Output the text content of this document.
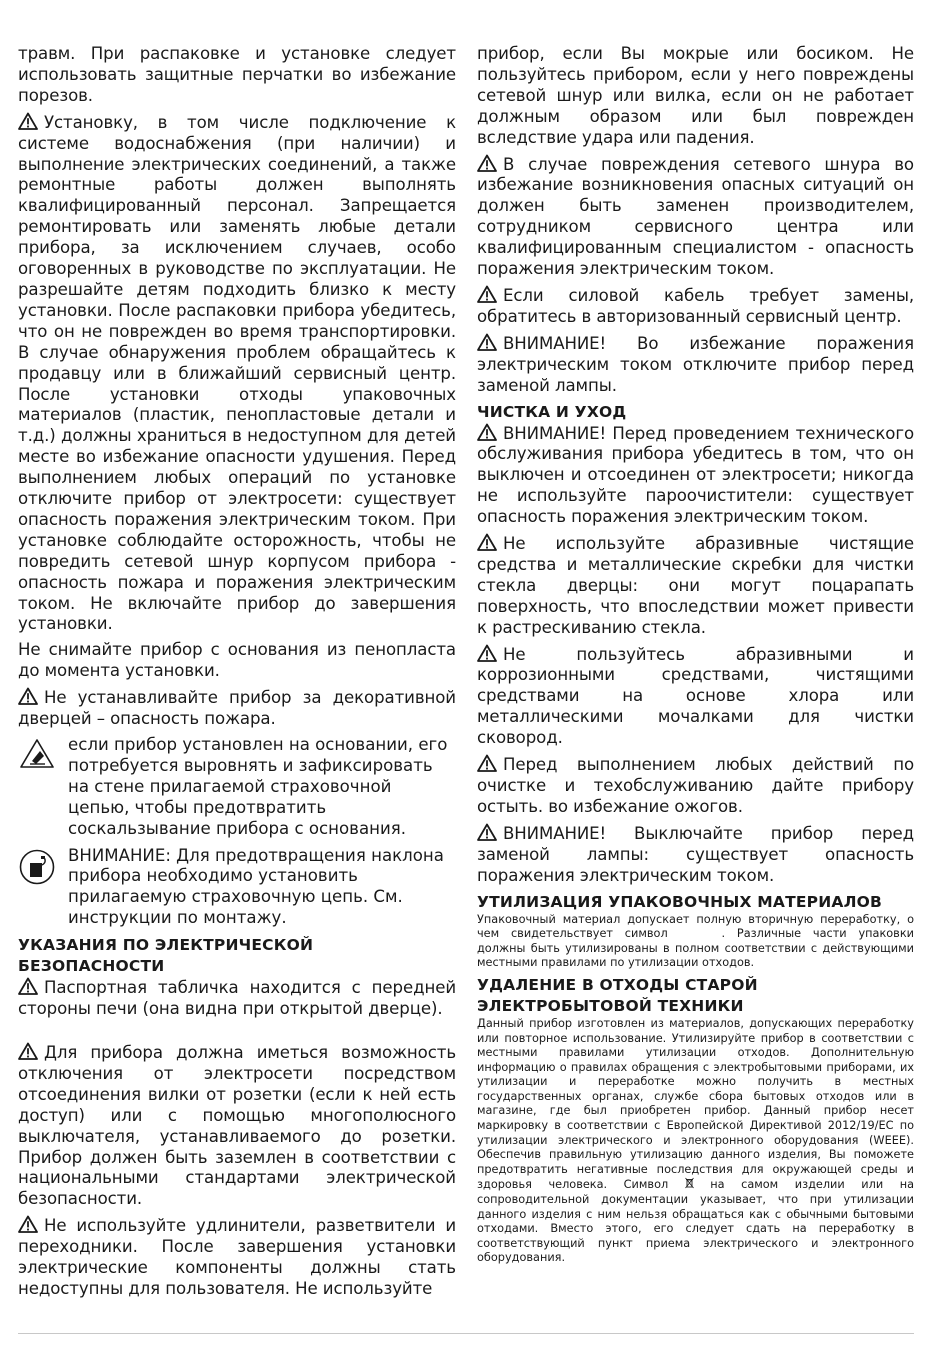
травм. При распаковке и установке следует использовать защитные перчатки во избежание порезов.

Установку, в том числе подключение к системе водоснабжения (при наличии) и выполнение электрических соединений, а также ремонтные работы должен выполнять квалифицированный персонал. Запрещается ремонтировать или заменять любые детали прибора, за исключением случаев, особо оговоренных в руководстве по эксплуатации. Не разрешайте детям подходить близко к месту установки. После распаковки прибора убедитесь, что он не поврежден во время транспортировки. В случае обнаружения проблем обращайтесь к продавцу или в ближайший сервисный центр. После установки отходы упаковочных материалов (пластик, пенопластовые детали и т.д.) должны храниться в недоступном для детей месте во избежание опасности удушения. Перед выполнением любых операций по установке отключите прибор от электросети: существует опасность поражения электрическим током. При установке соблюдайте осторожность, чтобы не повредить сетевой шнур корпусом прибора - опасность пожара и поражения электрическим током. Не включайте прибор до завершения установки.

Не снимайте прибор с основания из пенопласта до момента установки.

Не устанавливайте прибор за декоративной дверцей – опасность пожара.

если прибор установлен на основании, его потребуется выровнять и зафиксировать на стене прилагаемой страховочной цепью, чтобы предотвратить соскальзывание прибора с основания.
ВНИМАНИЕ: Для предотвращения наклона прибора необходимо установить прилагаемую страховочную цепь. См. инструкции по монтажу.
УКАЗАНИЯ ПО ЭЛЕКТРИЧЕСКОЙ БЕЗОПАСНОСТИ

Паспортная табличка находится с передней стороны печи (она видна при открытой дверце).

Для прибора должна иметься возможность отключения от электросети посредством отсоединения вилки от розетки (если к ней есть доступ) или с помощью многополюсного выключателя, устанавливаемого до розетки. Прибор должен быть заземлен в соответствии с национальными стандартами электрической безопасности.

Не используйте удлинители, разветвители и переходники. После завершения установки электрические компоненты должны стать недоступны для пользователя. Не используйте

прибор, если Вы мокрые или босиком. Не пользуйтесь прибором, если у него повреждены сетевой шнур или вилка, если он не работает должным образом или был поврежден вследствие удара или падения.

В случае повреждения сетевого шнура во избежание возникновения опасных ситуаций он должен быть заменен производителем, сотрудником сервисного центра или квалифицированным специалистом - опасность поражения электрическим током.

Если силовой кабель требует замены, обратитесь в авторизованный сервисный центр.

ВНИМАНИЕ! Во избежание поражения электрическим током отключите прибор перед заменой лампы.

ЧИСТКА И УХОД

ВНИМАНИЕ! Перед проведением технического обслуживания прибора убедитесь в том, что он выключен и отсоединен от электросети; никогда не используйте пароочистители: существует опасность поражения электрическим током.

Не используйте абразивные чистящие средства и металлические скребки для чистки стекла дверцы: они могут поцарапать поверхность, что впоследствии может привести к растрескиванию стекла.

Не пользуйтесь абразивными и коррозионными средствами, чистящими средствами на основе хлора или металлическими мочалками для чистки сковород.

Перед выполнением любых действий по очистке и техобслуживанию дайте прибору остыть. во избежание ожогов.

ВНИМАНИЕ! Выключайте прибор перед заменой лампы: существует опасность поражения электрическим током.

УТИЛИЗАЦИЯ УПАКОВОЧНЫХ МАТЕРИАЛОВ

Упаковочный материал допускает полную вторичную переработку, о чем свидетельствует символ	. Различные части упаковки должны быть утилизированы в полном соответствии с действующими местными правилами по утилизации отходов.

УДАЛЕНИЕ В ОТХОДЫ СТАРОЙ
ЭЛЕКТРОБЫТОВОЙ ТЕХНИКИ

Данный прибор изготовлен из материалов, допускающих переработку или повторное использование. Утилизируйте прибор в соответствии с местными правилами утилизации отходов. Дополнительную информацию о правилах обращения с электробытовыми приборами, их утилизации и переработке можно получить в местных государственных органах, службе сбора бытовых отходов или в магазине, где был приобретен прибор. Данный прибор несет маркировку в соответствии с Европейской Директивой 2012/19/EC по утилизации электрического и электронного оборудования (WEEE). Обеспечив правильную утилизацию данного изделия, Вы поможете предотвратить негативные последствия для окружающей среды и здоровья человека. Символ	на самом изделии или на сопроводительной документации указывает, что при утилизации данного изделия с ним нельзя обращаться как с обычными бытовыми отходами. Вместо этого, его следует сдать на переработку в соответствующий пункт приема электрического и электронного оборудования.
